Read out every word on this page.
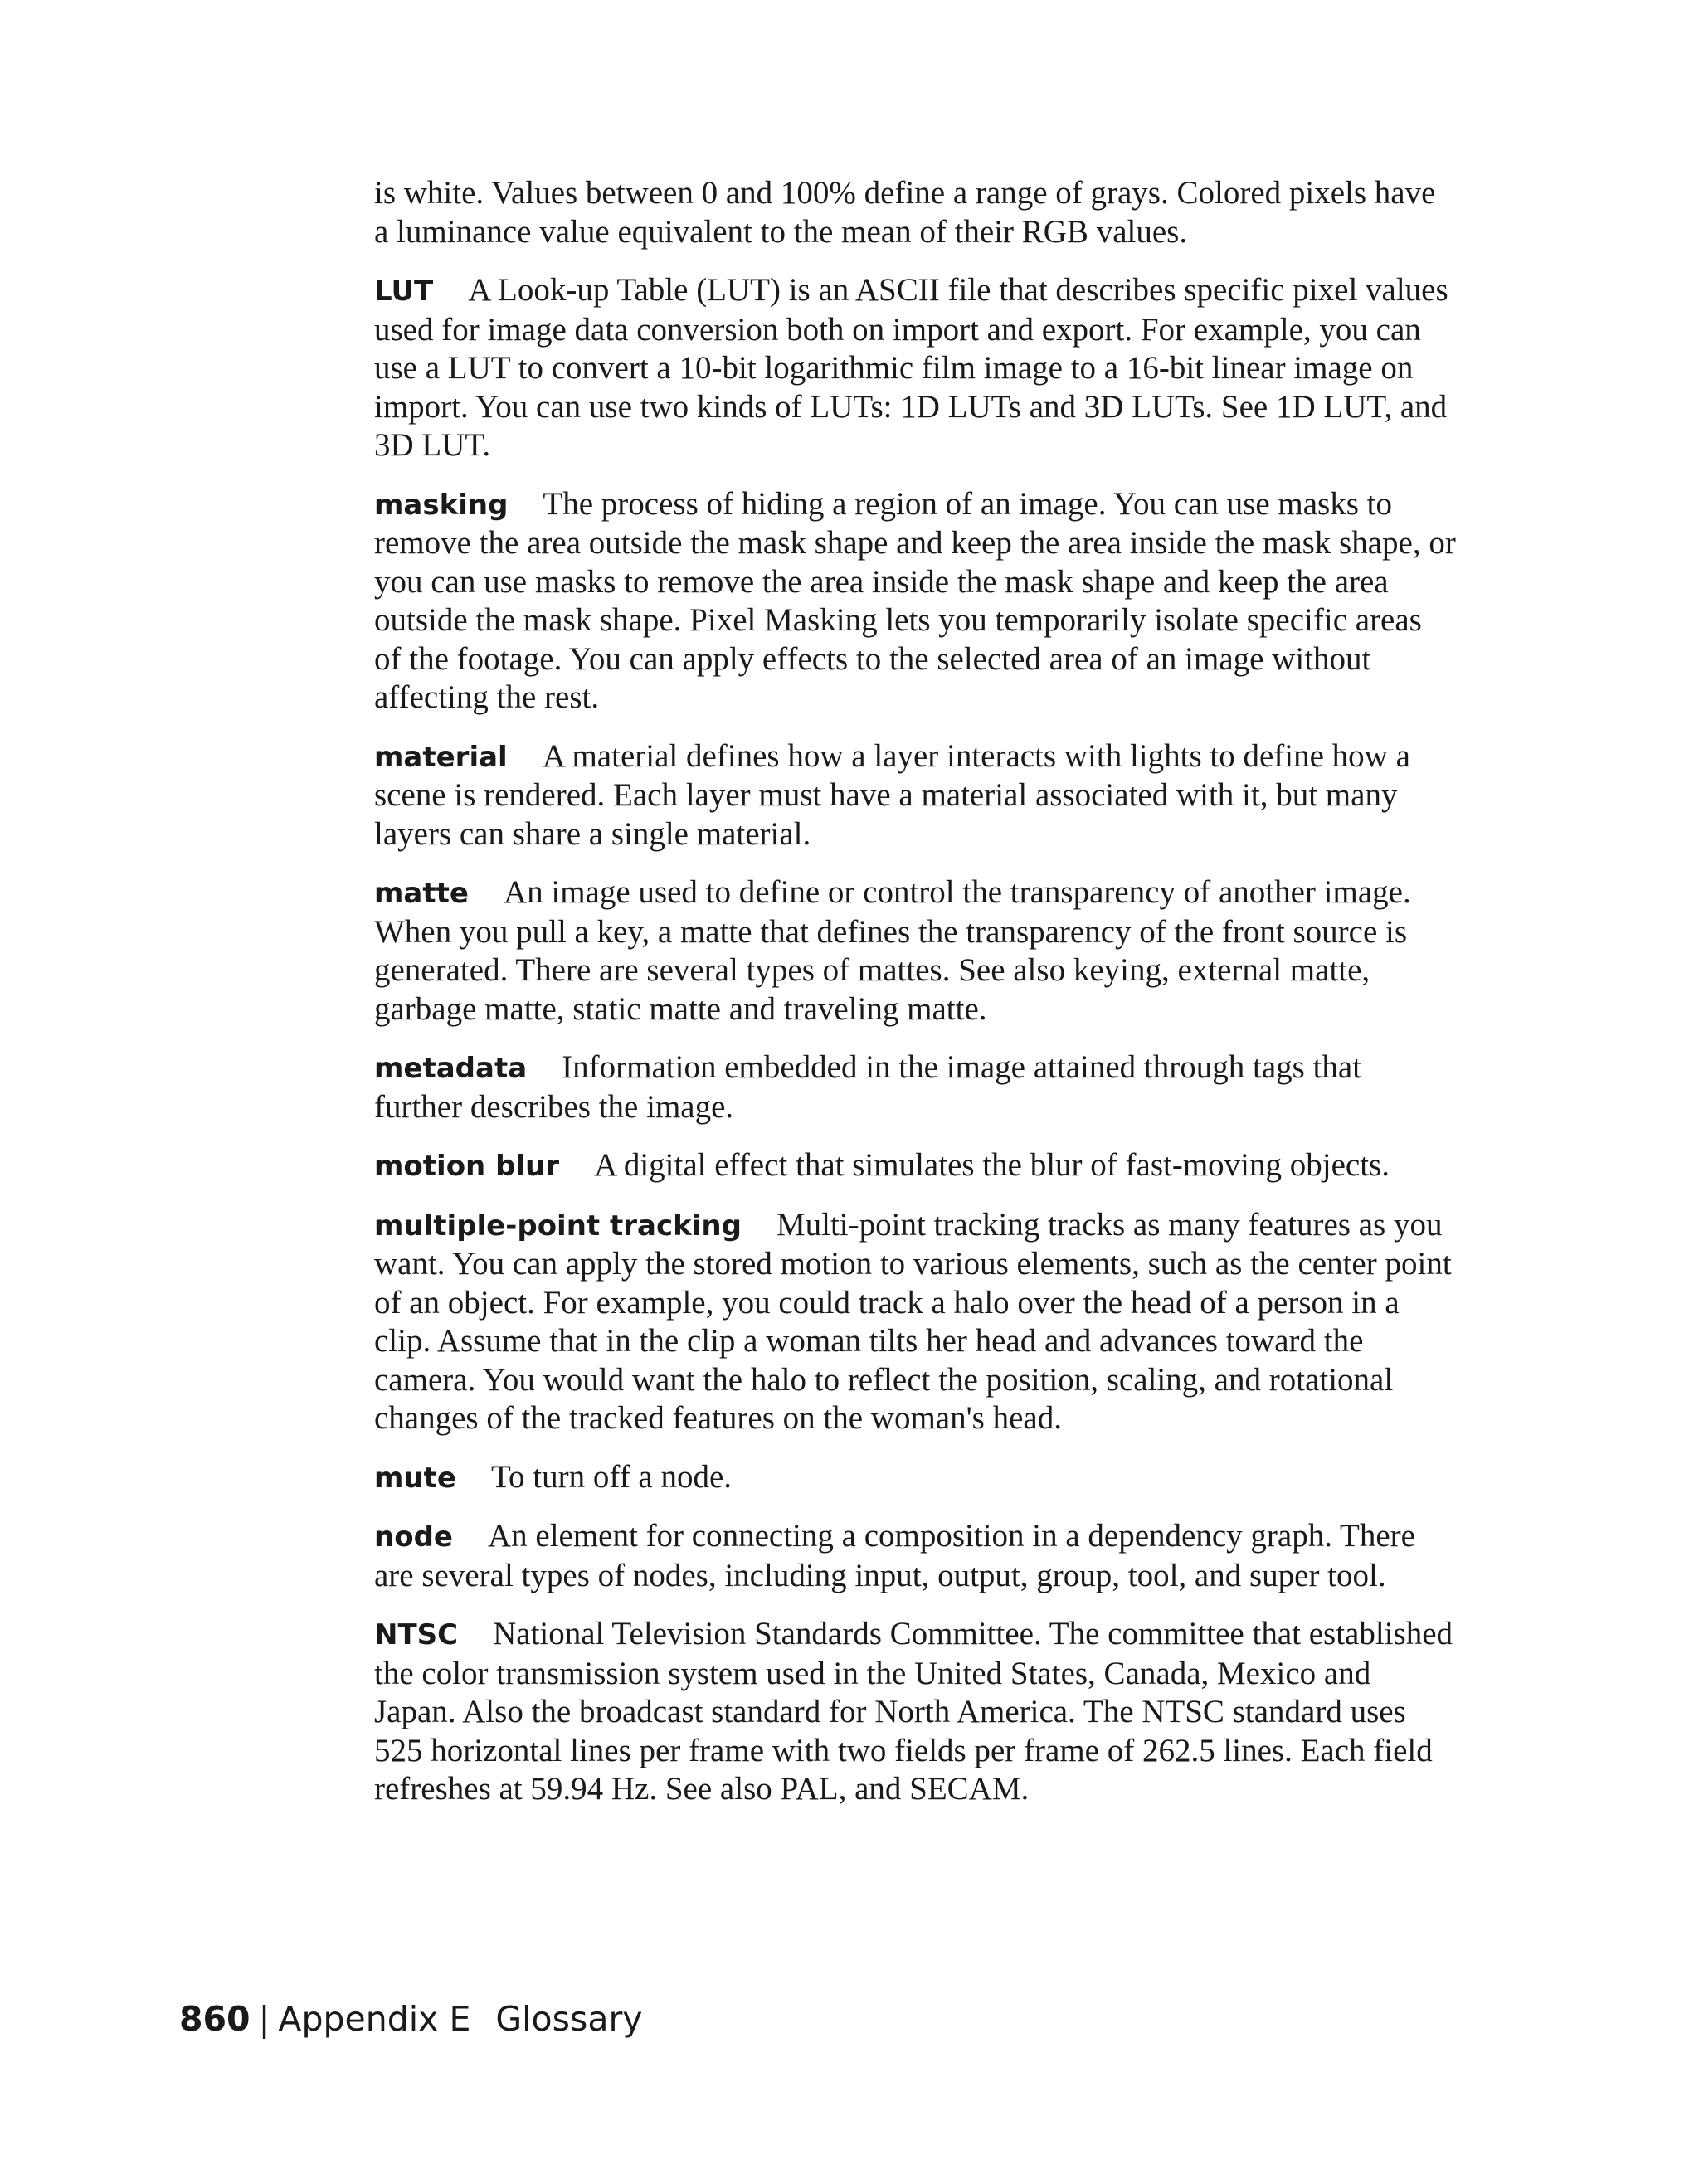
is white. Values between 0 and 100% define a range of grays. Colored pixels have a luminance value equivalent to the mean of their RGB values.

LUT A Look-up Table (LUT) is an ASCII file that describes specific pixel values used for image data conversion both on import and export. For example, you can use a LUT to convert a 10-bit logarithmic film image to a 16-bit linear image on import. You can use two kinds of LUTs: 1D LUTs and 3D LUTs. See 1D LUT, and 3D LUT.

masking The process of hiding a region of an image. You can use masks to remove the area outside the mask shape and keep the area inside the mask shape, or you can use masks to remove the area inside the mask shape and keep the area outside the mask shape. Pixel Masking lets you temporarily isolate specific areas of the footage. You can apply effects to the selected area of an image without affecting the rest.

material A material defines how a layer interacts with lights to define how a scene is rendered. Each layer must have a material associated with it, but many layers can share a single material.

matte An image used to define or control the transparency of another image. When you pull a key, a matte that defines the transparency of the front source is generated. There are several types of mattes. See also keying, external matte, garbage matte, static matte and traveling matte.

metadata Information embedded in the image attained through tags that further describes the image.

motion blur A digital effect that simulates the blur of fast-moving objects.

multiple-point tracking Multi-point tracking tracks as many features as you want. You can apply the stored motion to various elements, such as the center point of an object. For example, you could track a halo over the head of a person in a clip. Assume that in the clip a woman tilts her head and advances toward the camera. You would want the halo to reflect the position, scaling, and rotational changes of the tracked features on the woman's head.

mute To turn off a node.

node An element for connecting a composition in a dependency graph. There are several types of nodes, including input, output, group, tool, and super tool.

NTSC National Television Standards Committee. The committee that established the color transmission system used in the United States, Canada, Mexico and Japan. Also the broadcast standard for North America. The NTSC standard uses 525 horizontal lines per frame with two fields per frame of 262.5 lines. Each field refreshes at 59.94 Hz. See also PAL, and SECAM.

860 | Appendix E Glossary
